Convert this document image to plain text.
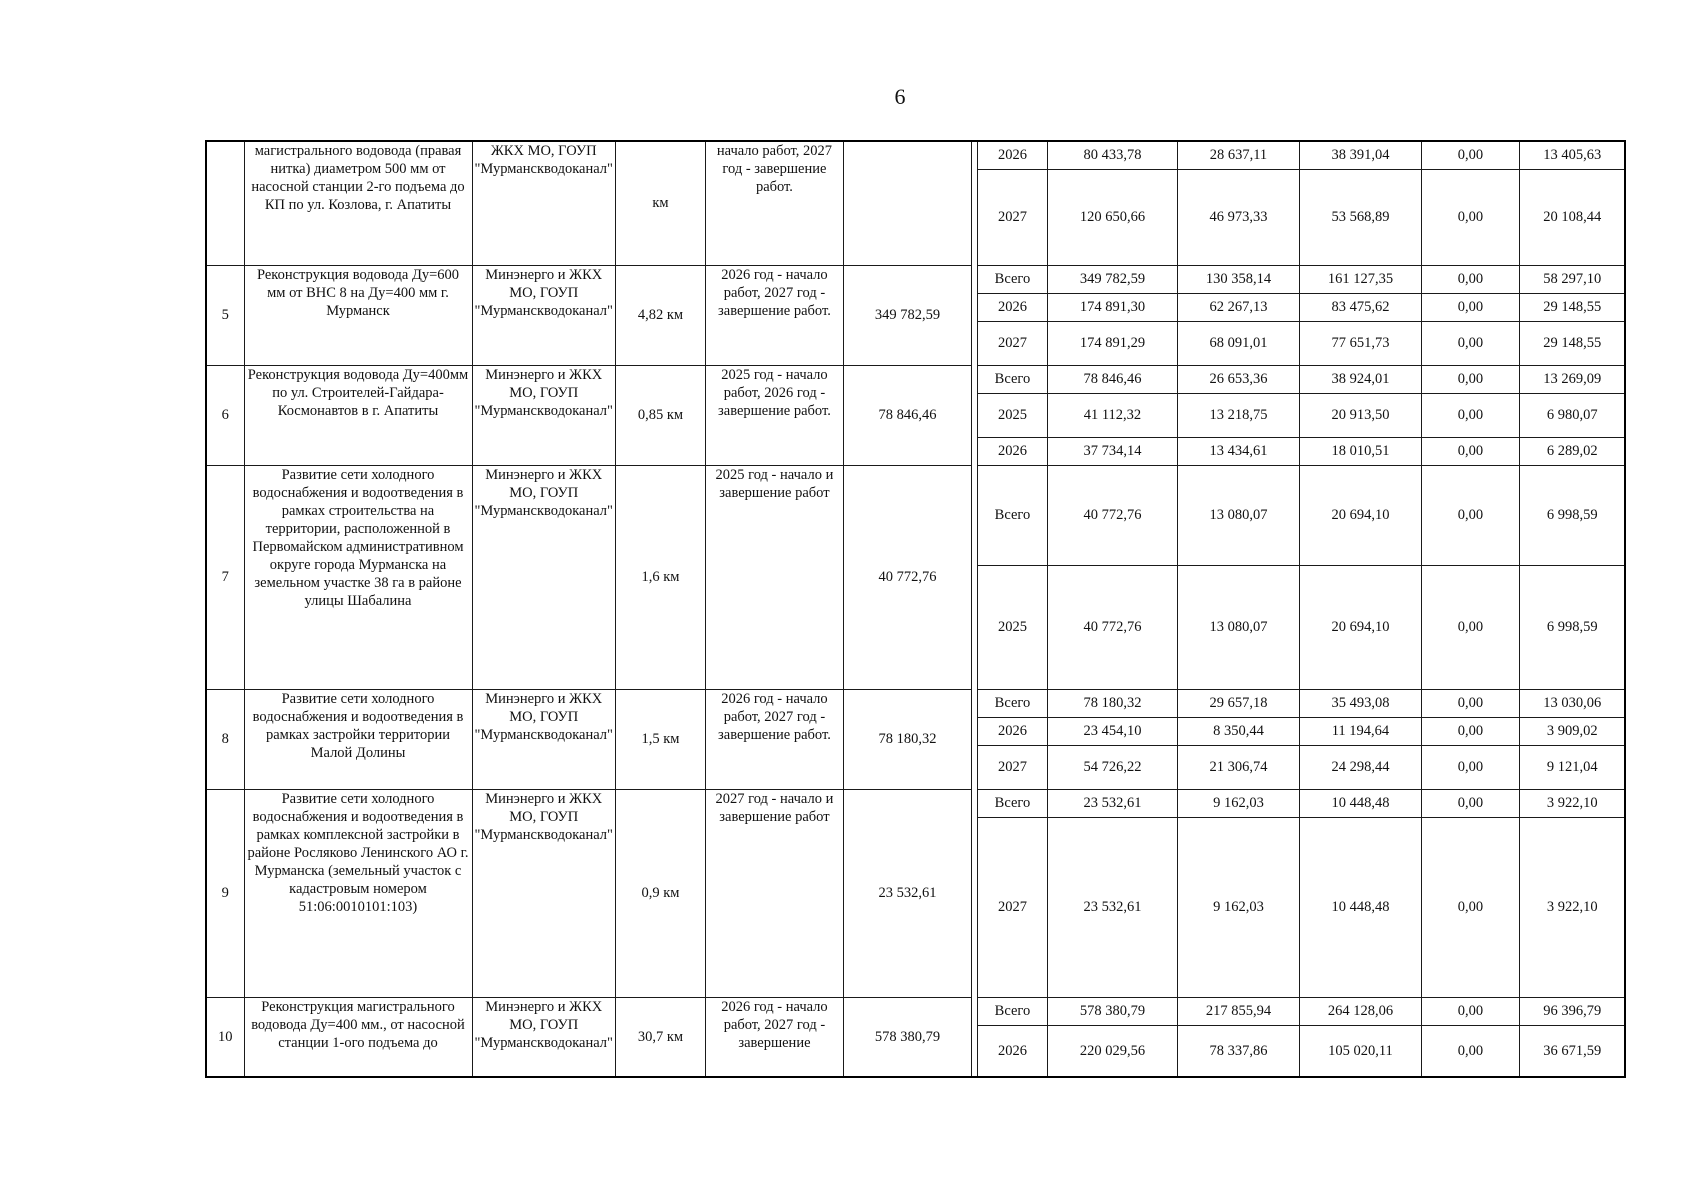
6
	магистрального водовода (правая нитка) диаметром 500 мм от насосной станции 2-го подъема до КП по ул. Козлова, г. Апатиты	ЖКХ МО, ГОУП "Мурманскводоканал"	км	начало работ, 2027 год - завершение работ.			2026	80 433,78	28 637,11	38 391,04	0,00	13 405,63
							2027	120 650,66	46 973,33	53 568,89	0,00	20 108,44
5	Реконструкция водовода Ду=600 мм от ВНС 8 на Ду=400 мм г. Мурманск	Минэнерго и ЖКХ МО, ГОУП "Мурманскводоканал"	4,82 км	2026 год - начало работ, 2027 год - завершение работ.	349 782,59		Всего	349 782,59	130 358,14	161 127,35	0,00	58 297,10
							2026	174 891,30	62 267,13	83 475,62	0,00	29 148,55
							2027	174 891,29	68 091,01	77 651,73	0,00	29 148,55
6	Реконструкция водовода Ду=400мм по ул. Строителей-Гайдара-Космонавтов в г. Апатиты	Минэнерго и ЖКХ МО, ГОУП "Мурманскводоканал"	0,85 км	2025 год - начало работ, 2026 год - завершение работ.	78 846,46		Всего	78 846,46	26 653,36	38 924,01	0,00	13 269,09
							2025	41 112,32	13 218,75	20 913,50	0,00	6 980,07
							2026	37 734,14	13 434,61	18 010,51	0,00	6 289,02
7	Развитие сети холодного водоснабжения и водоотведения в рамках строительства на территории, расположенной в Первомайском административном округе города Мурманска на земельном участке 38 га в районе улицы Шабалина	Минэнерго и ЖКХ МО, ГОУП "Мурманскводоканал"	1,6 км	2025 год - начало и завершение работ	40 772,76		Всего	40 772,76	13 080,07	20 694,10	0,00	6 998,59
							2025	40 772,76	13 080,07	20 694,10	0,00	6 998,59
8	Развитие сети холодного водоснабжения и водоотведения в рамках застройки территории Малой Долины	Минэнерго и ЖКХ МО, ГОУП "Мурманскводоканал"	1,5 км	2026 год - начало работ, 2027 год - завершение работ.	78 180,32		Всего	78 180,32	29 657,18	35 493,08	0,00	13 030,06
							2026	23 454,10	8 350,44	11 194,64	0,00	3 909,02
							2027	54 726,22	21 306,74	24 298,44	0,00	9 121,04
9	Развитие сети холодного водоснабжения и водоотведения в рамках комплексной застройки в районе Росляково Ленинского АО г. Мурманска (земельный участок с кадастровым номером 51:06:0010101:103)	Минэнерго и ЖКХ МО, ГОУП "Мурманскводоканал"	0,9 км	2027 год - начало и завершение работ	23 532,61		Всего	23 532,61	9 162,03	10 448,48	0,00	3 922,10
							2027	23 532,61	9 162,03	10 448,48	0,00	3 922,10
10	Реконструкция магистрального водовода Ду=400 мм., от насосной станции 1-ого подъема до	Минэнерго и ЖКХ МО, ГОУП "Мурманскводоканал"	30,7 км	2026 год - начало работ, 2027 год - завершение	578 380,79		Всего	578 380,79	217 855,94	264 128,06	0,00	96 396,79
							2026	220 029,56	78 337,86	105 020,11	0,00	36 671,59
